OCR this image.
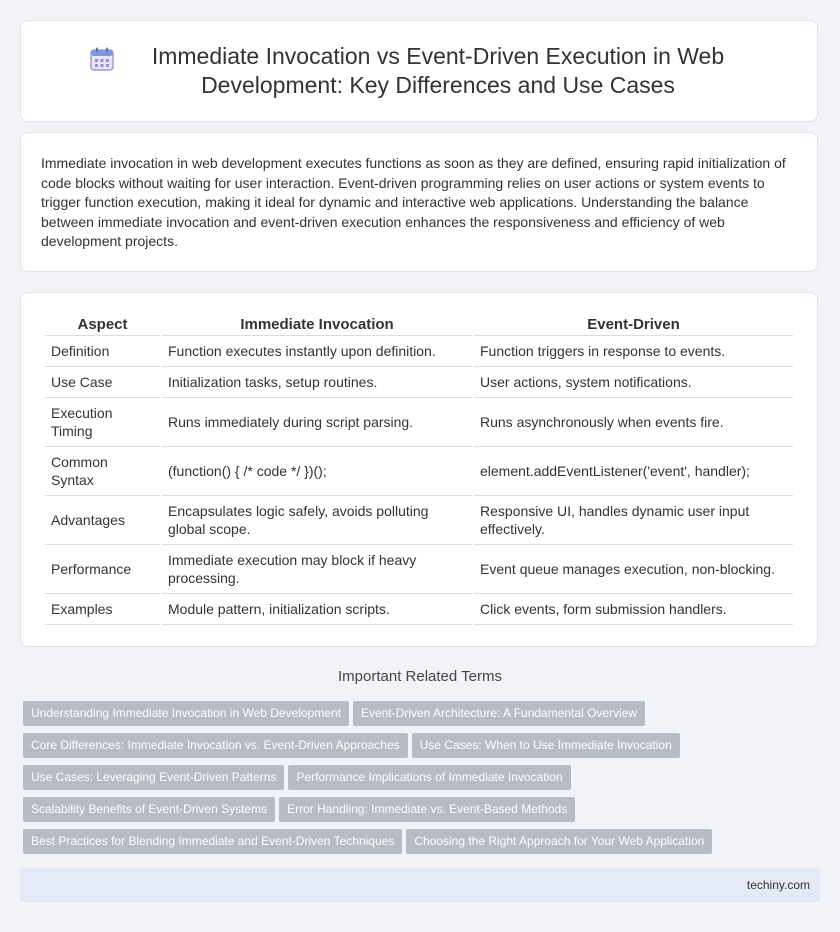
Immediate Invocation vs Event-Driven Execution in Web Development: Key Differences and Use Cases

Immediate invocation in web development executes functions as soon as they are defined, ensuring rapid initialization of code blocks without waiting for user interaction. Event-driven programming relies on user actions or system events to trigger function execution, making it ideal for dynamic and interactive web applications. Understanding the balance between immediate invocation and event-driven execution enhances the responsiveness and efficiency of web development projects.

Aspect	Immediate Invocation	Event-Driven
Definition	Function executes instantly upon definition.	Function triggers in response to events.
Use Case	Initialization tasks, setup routines.	User actions, system notifications.
Execution Timing	Runs immediately during script parsing.	Runs asynchronously when events fire.
Common Syntax	(function() { /* code */ })();	element.addEventListener('event', handler);
Advantages	Encapsulates logic safely, avoids polluting global scope.	Responsive UI, handles dynamic user input effectively.
Performance	Immediate execution may block if heavy processing.	Event queue manages execution, non-blocking.
Examples	Module pattern, initialization scripts.	Click events, form submission handlers.
Important Related Terms
Understanding Immediate Invocation in Web Development Event-Driven Architecture: A Fundamental Overview
Core Differences: Immediate Invocation vs. Event-Driven Approaches Use Cases: When to Use Immediate Invocation
Use Cases: Leveraging Event-Driven Patterns Performance Implications of Immediate Invocation
Scalability Benefits of Event-Driven Systems Error Handling: Immediate vs. Event-Based Methods
Best Practices for Blending Immediate and Event-Driven Techniques Choosing the Right Approach for Your Web Application
techiny.com
